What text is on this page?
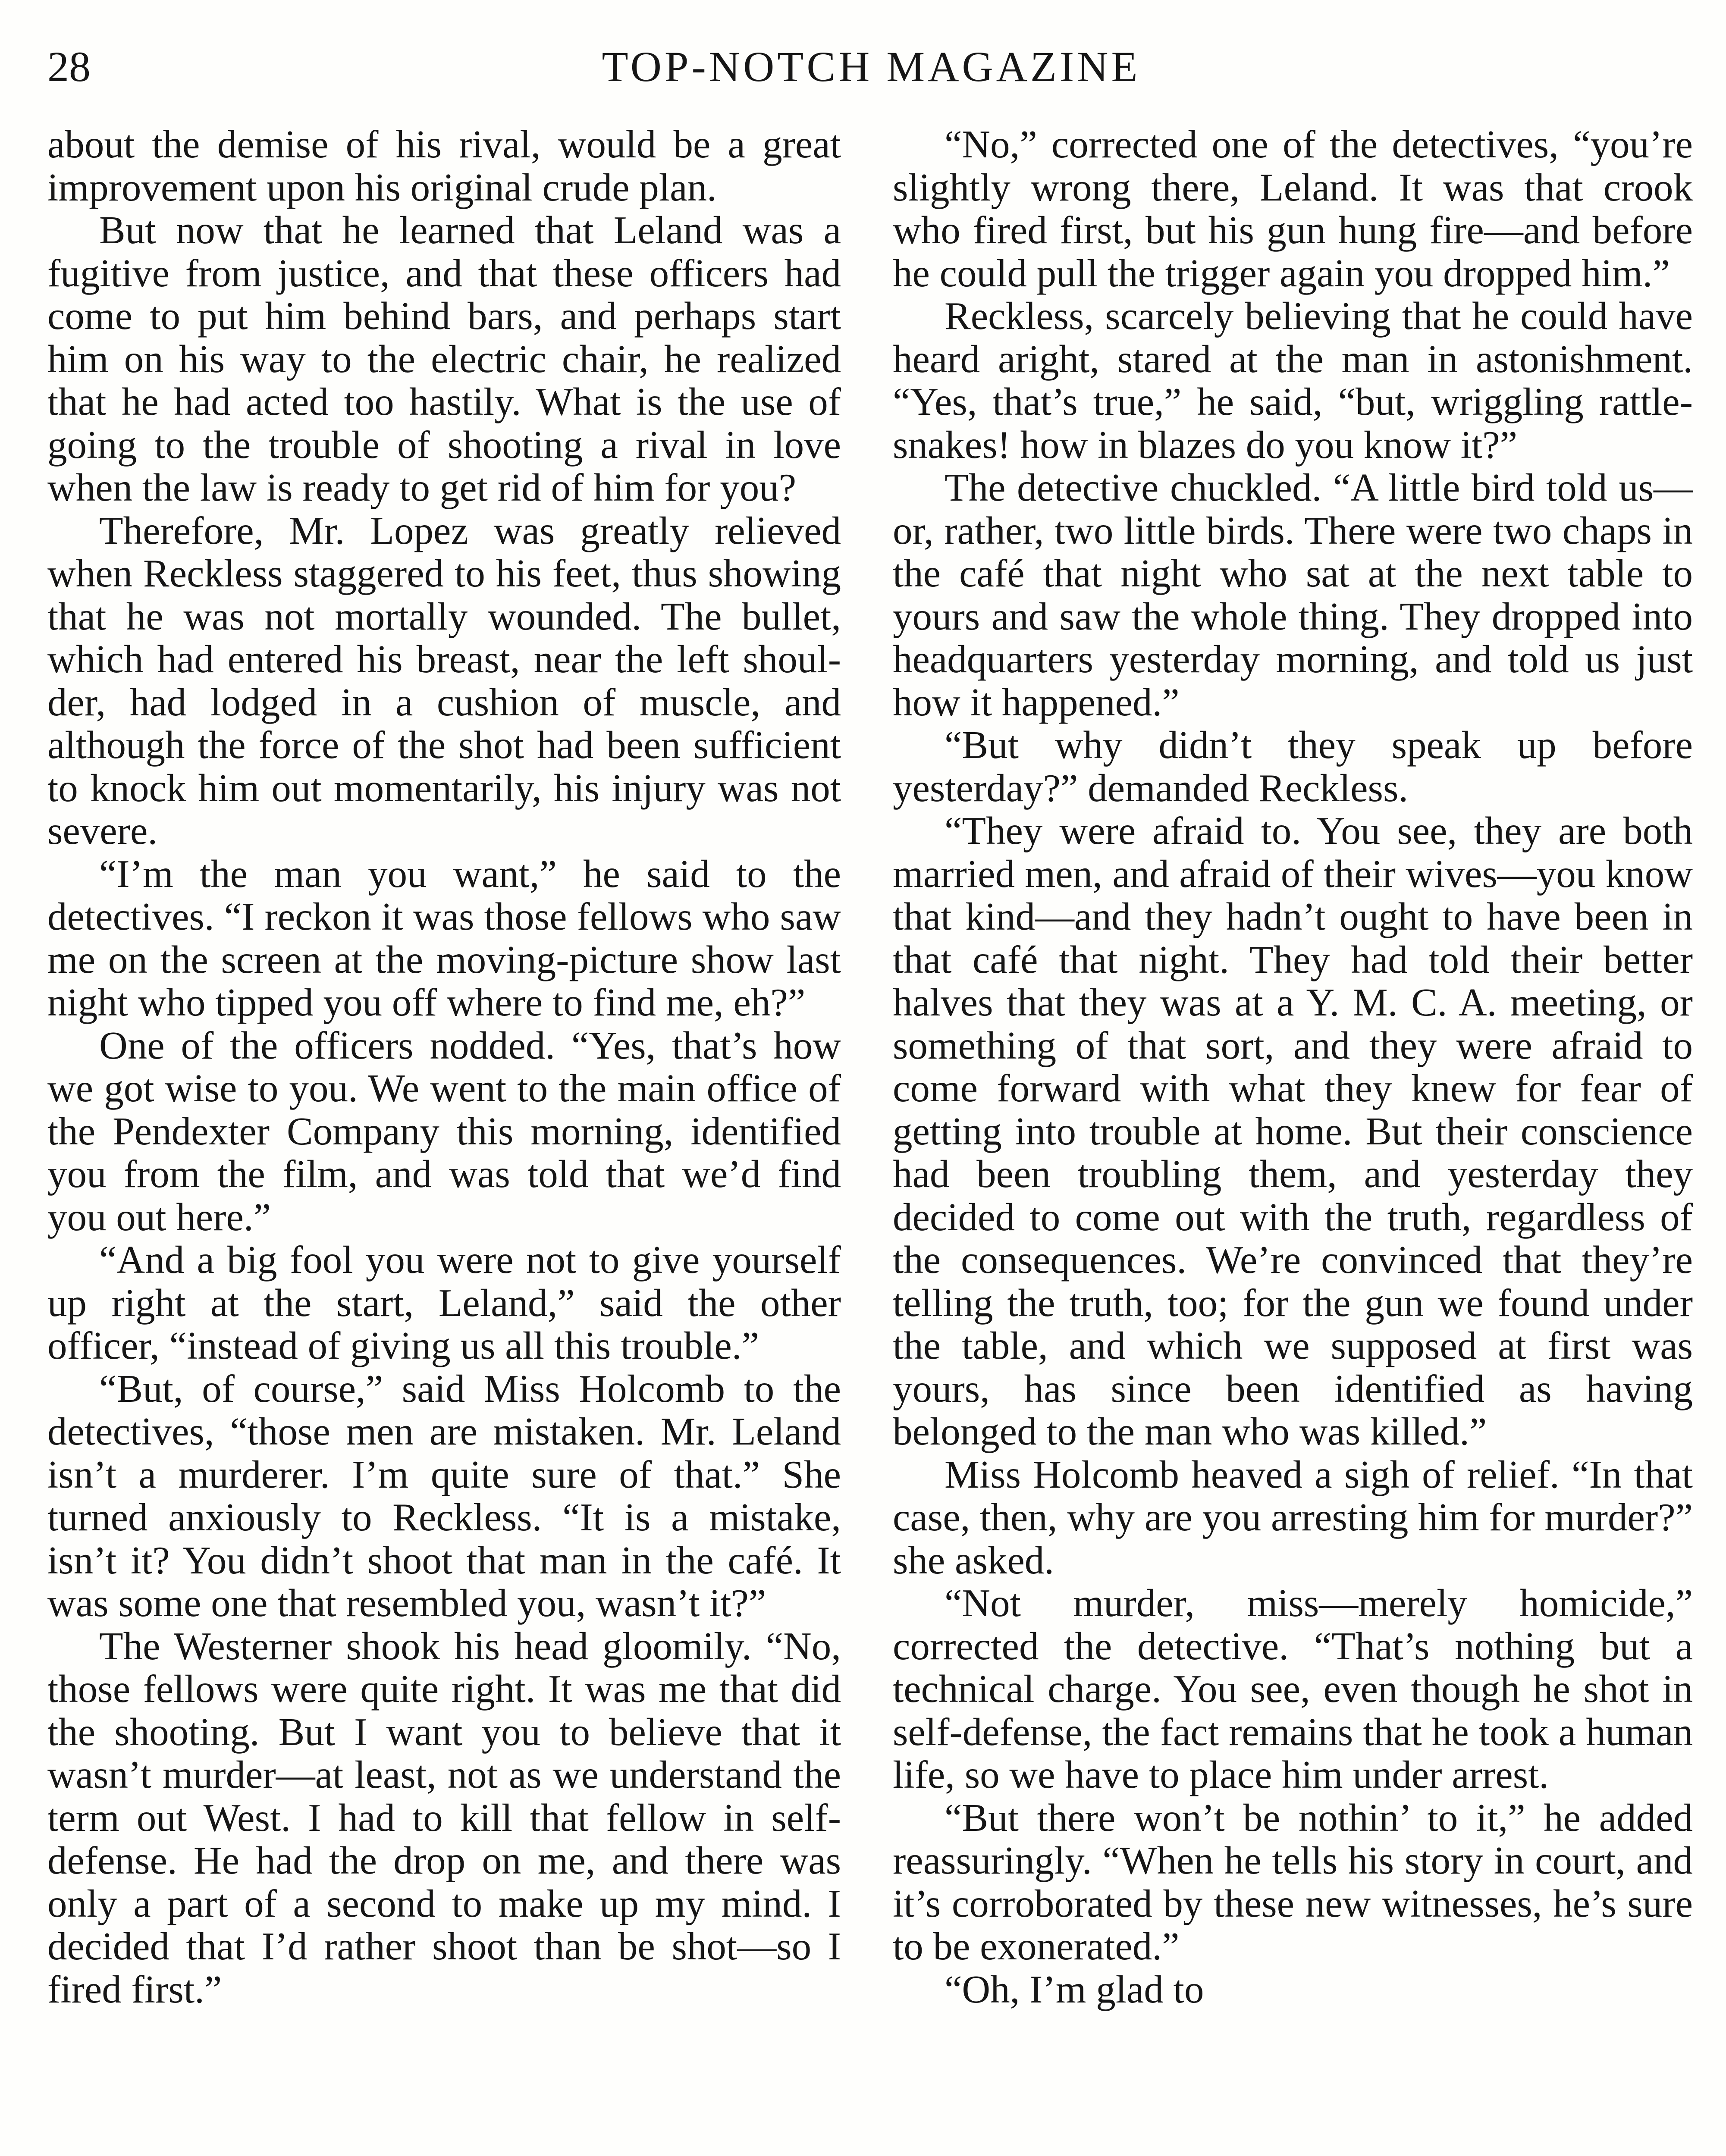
28	TOP-NOTCH MAGAZINE

about the demise of his rival, would be a great improvement upon his original crude plan.

But now that he learned that Leland was a fugitive from justice, and that these officers had come to put him behind bars, and perhaps start him on his way to the electric chair, he realized that he had acted too hastily. What is the use of going to the trouble of shooting a rival in love when the law is ready to get rid of him for you?

Therefore, Mr. Lopez was greatly relieved when Reckless staggered to his feet, thus showing that he was not mortally wounded. The bullet, which had entered his breast, near the left shoulder, had lodged in a cushion of muscle, and although the force of the shot had been sufficient to knock him out momentarily, his injury was not severe.

“I’m the man you want,” he said to the detectives. “I reckon it was those fellows who saw me on the screen at the moving-picture show last night who tipped you off where to find me, eh?”

One of the officers nodded. “Yes, that’s how we got wise to you. We went to the main office of the Pendexter Company this morning, identified you from the film, and was told that we’d find you out here.”

“And a big fool you were not to give yourself up right at the start, Leland,” said the other officer, “instead of giving us all this trouble.”

“But, of course,” said Miss Holcomb to the detectives, “those men are mistaken. Mr. Leland isn’t a murderer. I’m quite sure of that.” She turned anxiously to Reckless. “It is a mistake, isn’t it? You didn’t shoot that man in the café. It was some one that resembled you, wasn’t it?”

The Westerner shook his head gloomily. “No, those fellows were quite right. It was me that did the shooting. But I want you to believe that it wasn’t murder—at least, not as we understand the term out West. I had to kill that fellow in self-defense. He had the drop on me, and there was only a part of a second to make up my mind. I decided that I’d rather shoot than be shot—so I fired first.”

“No,” corrected one of the detectives, “you’re slightly wrong there, Leland. It was that crook who fired first, but his gun hung fire—and before he could pull the trigger again you dropped him.”

Reckless, scarcely believing that he could have heard aright, stared at the man in astonishment. “Yes, that’s true,” he said, “but, wriggling rattlesnakes! how in blazes do you know it?”

The detective chuckled. “A little bird told us—or, rather, two little birds. There were two chaps in the café that night who sat at the next table to yours and saw the whole thing. They dropped into headquarters yesterday morning, and told us just how it happened.”

“But why didn’t they speak up before yesterday?” demanded Reckless.

“They were afraid to. You see, they are both married men, and afraid of their wives—you know that kind—and they hadn’t ought to have been in that café that night. They had told their better halves that they was at a Y. M. C. A. meeting, or something of that sort, and they were afraid to come forward with what they knew for fear of getting into trouble at home. But their conscience had been troubling them, and yesterday they decided to come out with the truth, regardless of the consequences. We’re convinced that they’re telling the truth, too; for the gun we found under the table, and which we supposed at first was yours, has since been identified as having belonged to the man who was killed.”

Miss Holcomb heaved a sigh of relief. “In that case, then, why are you arresting him for murder?” she asked.

“Not murder, miss—merely homicide,” corrected the detective. “That’s nothing but a technical charge. You see, even though he shot in self-defense, the fact remains that he took a human life, so we have to place him under arrest.

“But there won’t be nothin’ to it,” he added reassuringly. “When he tells his story in court, and it’s corroborated by these new witnesses, he’s sure to be exonerated.”

“Oh, I’m glad to
